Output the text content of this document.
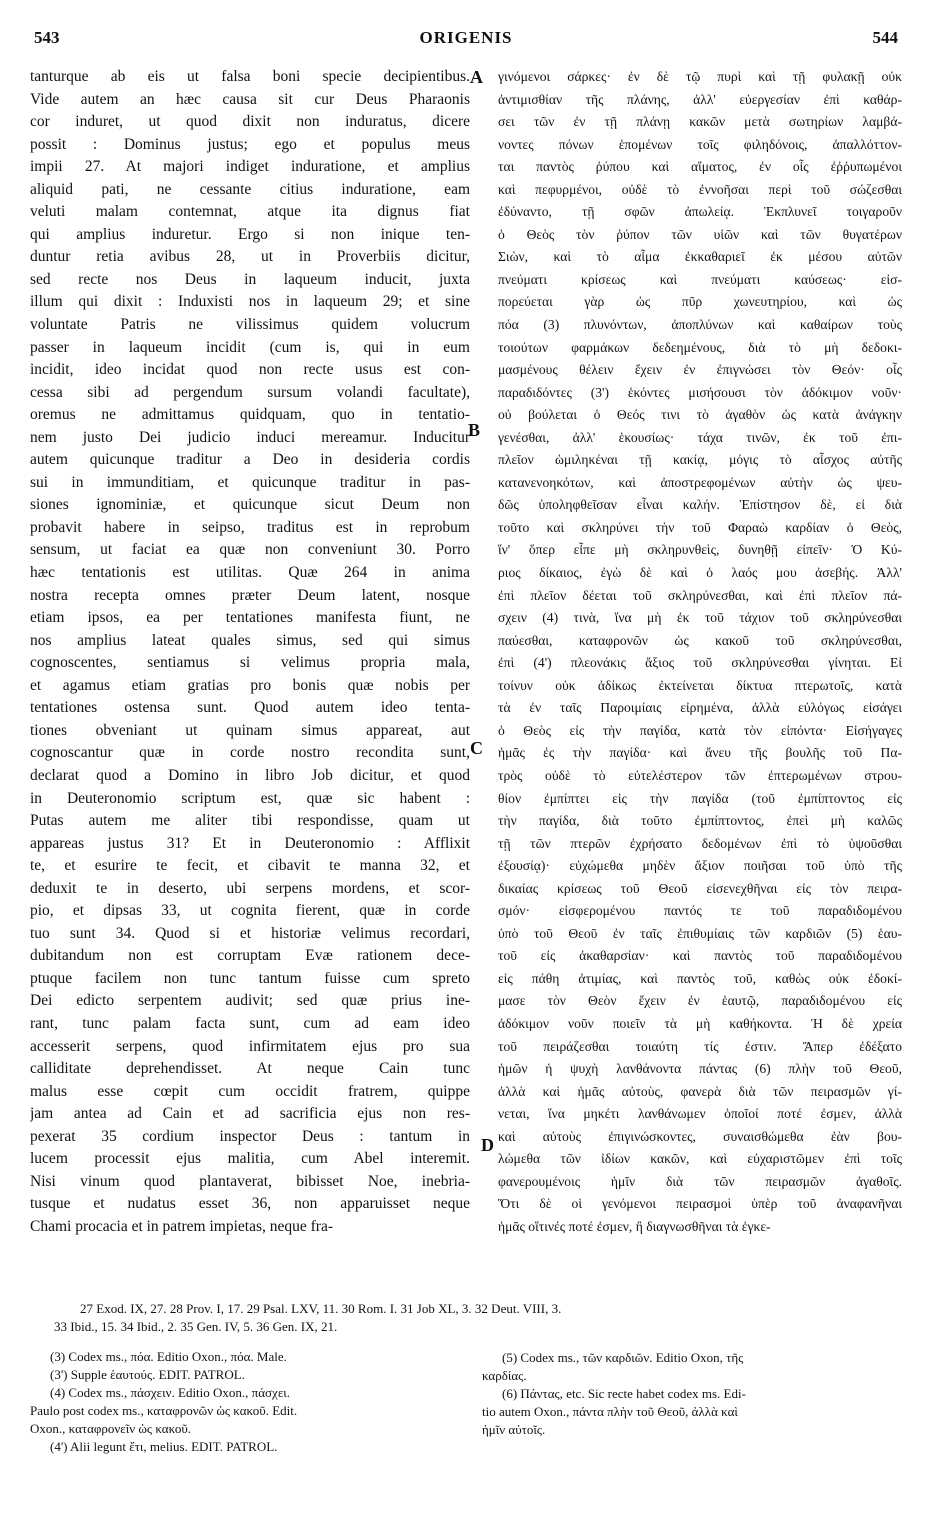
543	ORIGENIS	544
tanturque ab eis ut falsa boni specie decipientibus.
Vide autem an hæc causa sit cur Deus Pharaonis
cor induret, ut quod dixit non induratus, dicere
possit : Dominus justus; ego et populus meus
impii 27. At majori indiget induratione, et amplius
aliquid pati, ne cessante citius induratione, eam
veluti malam contemnat, atque ita dignus fiat
qui amplius induretur. Ergo si non inique ten-
duntur retia avibus 28, ut in Proverbiis dicitur,
sed recte nos Deus in laqueum inducit, juxta
illum qui dixit : Induxisti nos in laqueum 29; et sine
voluntate Patris ne vilissimus quidem volucrum
passer in laqueum incidit (cum is, qui in eum
incidit, ideo incidat quod non recte usus est con-
cessa sibi ad pergendum sursum volandi facultate),
oremus ne admittamus quidquam, quo in tentatio-
nem justo Dei judicio induci mereamur. Inducitur
autem quicunque traditur a Deo in desideria cordis
sui in immunditiam, et quicunque traditur in pas-
siones ignominiæ, et quicunque sicut Deum non
probavit habere in seipso, traditus est in reprobum
sensum, ut faciat ea quæ non conveniunt 30. Porro
hæc tentationis est utilitas. Quæ 264 in anima
nostra recepta omnes præter Deum latent, nosque
etiam ipsos, ea per tentationes manifesta fiunt, ne
nos amplius lateat quales simus, sed qui simus
cognoscentes, sentiamus si velimus propria mala,
et agamus etiam gratias pro bonis quæ nobis per
tentationes ostensa sunt. Quod autem ideo tenta-
tiones obveniant ut quinam simus appareat, aut
cognoscantur quæ in corde nostro recondita sunt,
declarat quod a Domino in libro Job dicitur, et quod
in Deuteronomio scriptum est, quæ sic habent :
Putas autem me aliter tibi respondisse, quam ut
appareas justus 31? Et in Deuteronomio : Afflixit
te, et esurire te fecit, et cibavit te manna 32, et
deduxit te in deserto, ubi serpens mordens, et scor-
pio, et dipsas 33, ut cognita fierent, quæ in corde
tuo sunt 34. Quod si et historiæ velimus recordari,
dubitandum non est corruptam Evæ rationem dece-
ptuque facilem non tunc tantum fuisse cum spreto
Dei edicto serpentem audivit; sed quæ prius ine-
rant, tunc palam facta sunt, cum ad eam ideo
accesserit serpens, quod infirmitatem ejus pro sua
calliditate deprehendisset. At neque Cain tunc
malus esse cœpit cum occidit fratrem, quippe
jam antea ad Cain et ad sacrificia ejus non res-
pexerat 35 cordium inspector Deus : tantum in
lucem processit ejus malitia, cum Abel interemit.
Nisi vinum quod plantaverat, bibisset Noe, inebria-
tusque et nudatus esset 36, non apparuisset neque
Chami procacia et in patrem impietas, neque fra-
γινόμενοι σάρκες· ἐν δὲ τῷ πυρὶ καὶ τῇ φυλακῇ οὐκ
ἀντιμισθίαν τῆς πλάνης, ἀλλ' εὐεργεσίαν ἐπὶ καθάρ-
σει τῶν ἐν τῇ πλάνῃ κακῶν μετὰ σωτηρίων λαμβά-
νοντες πόνων ἑπομένων τοῖς φιληδόνοις, ἀπαλλόττον-
ται παντὸς ῥύπου καὶ αἵματος, ἐν οἷς ἐῤῥυπωμένοι
καὶ πεφυρμένοι, οὐδὲ τὸ ἐννοῆσαι περὶ τοῦ σώζεσθαι
ἐδύναντο, τῇ σφῶν ἀπωλείᾳ. Ἐκπλυνεῖ τοιγαροῦν
ὁ Θεὸς τὸν ῥύπον τῶν υἱῶν καὶ τῶν θυγατέρων
Σιὼν, καὶ τὸ αἷμα ἐκκαθαριεῖ ἐκ μέσου αὐτῶν
πνεύματι κρίσεως καὶ πνεύματι καύσεως· εἰσ-
πορεύεται γὰρ ὡς πῦρ χωνευτηρίου, καὶ ὡς
πόα (3) πλυνόντων, ἀποπλύνων καὶ καθαίρων τοὺς
τοιούτων φαρμάκων δεδεημένους, διὰ τὸ μὴ δεδοκι-
μασμένους θέλειν ἔχειν ἐν ἐπιγνώσει τὸν Θεόν· οἷς
παραδιδόντες (3') ἑκόντες μισήσουσι τὸν ἀδόκιμον νοῦν·
οὐ βούλεται ὁ Θεός τινι τὸ ἀγαθὸν ὡς κατὰ ἀνάγκην
γενέσθαι, ἀλλ' ἑκουσίως· τάχα τινῶν, ἐκ τοῦ ἐπι-
πλεῖον ὡμιληκέναι τῇ κακίᾳ, μόγις τὸ αἶσχος αὐτῆς
κατανενοηκότων, καὶ ἀποστρεφομένων αὐτὴν ὡς ψευ-
δῶς ὑποληφθεῖσαν εἶναι καλήν. Ἐπίστησον δὲ, εἰ διὰ
τοῦτο καὶ σκληρύνει τὴν τοῦ Φαραὼ καρδίαν ὁ Θεὸς,
ἵν' ὅπερ εἶπε μὴ σκληρυνθεὶς, δυνηθῇ εἰπεῖν· Ὁ Κύ-
ριος δίκαιος, ἐγὼ δὲ καὶ ὁ λαός μου ἀσεβής. Ἀλλ'
ἐπὶ πλεῖον δέεται τοῦ σκληρύνεσθαι, καὶ ἐπὶ πλεῖον πά-
σχειν (4) τινὰ, ἵνα μὴ ἐκ τοῦ τάχιον τοῦ σκληρύνεσθαι
παύεσθαι, καταφρονῶν ὡς κακοῦ τοῦ σκληρύνεσθαι,
ἐπὶ (4') πλεονάκις ἄξιος τοῦ σκληρύνεσθαι γίνηται. Εἰ
τοίνυν οὐκ ἀδίκως ἐκτείνεται δίκτυα πτερωτοῖς, κατὰ
τὰ ἐν ταῖς Παροιμίαις εἰρημένα, ἀλλὰ εὐλόγως εἰσάγει
ὁ Θεὸς εἰς τὴν παγίδα, κατὰ τὸν εἰπόντα· Εἰσήγαγες
ἡμᾶς ἐς τὴν παγίδα· καὶ ἄνευ τῆς βουλῆς τοῦ Πα-
τρὸς οὐδὲ τὸ εὐτελέστερον τῶν ἐπτερωμένων στρου-
θίον ἐμπίπτει εἰς τὴν παγίδα (τοῦ ἐμπίπτοντος εἰς
τὴν παγίδα, διὰ τοῦτο ἐμπίπτοντος, ἐπεὶ μὴ καλῶς
τῇ τῶν πτερῶν ἐχρήσατο δεδομένων ἐπὶ τὸ ὑψοῦσθαι
ἐξουσίᾳ)· εὐχώμεθα μηδὲν ἄξιον ποιῆσαι τοῦ ὑπὸ τῆς
δικαίας κρίσεως τοῦ Θεοῦ εἰσενεχθῆναι εἰς τὸν πειρα-
σμόν· εἰσφερομένου παντός τε τοῦ παραδιδομένου
ὑπὸ τοῦ Θεοῦ ἐν ταῖς ἐπιθυμίαις τῶν καρδιῶν (5) ἑαυ-
τοῦ εἰς ἀκαθαρσίαν· καὶ παντὸς τοῦ παραδιδομένου
εἰς πάθη ἀτιμίας, καὶ παντὸς τοῦ, καθὼς οὐκ ἐδοκί-
μασε τὸν Θεὸν ἔχειν ἐν ἑαυτῷ, παραδιδομένου εἰς
ἀδόκιμον νοῦν ποιεῖν τὰ μὴ καθήκοντα. Ἡ δὲ χρεία
τοῦ πειράζεσθαι τοιαύτη τίς ἐστιν. Ἅπερ ἐδέξατο
ἡμῶν ἡ ψυχὴ λανθάνοντα πάντας (6) πλὴν τοῦ Θεοῦ,
ἀλλὰ καὶ ἡμᾶς αὐτοὺς, φανερὰ διὰ τῶν πειρασμῶν γί-
νεται, ἵνα μηκέτι λανθάνωμεν ὁποῖοί ποτέ ἐσμεν, ἀλλὰ
καὶ αὐτοὺς ἐπιγινώσκοντες, συναισθώμεθα ἐὰν βου-
λώμεθα τῶν ἰδίων κακῶν, καὶ εὐχαριστῶμεν ἐπὶ τοῖς
φανερουμένοις ἡμῖν διὰ τῶν πειρασμῶν ἀγαθοῖς.
Ὅτι δὲ οἱ γενόμενοι πειρασμοὶ ὑπὲρ τοῦ ἀναφανῆναι
ἡμᾶς οἵτινές ποτέ ἐσμεν, ἢ διαγνωσθῆναι τὰ ἐγκε-
A
B
C
D
27 Exod. IX, 27. 28 Prov. I, 17. 29 Psal. LXV, 11. 30 Rom. I. 31 Job XL, 3. 32 Deut. VIII, 3.
33 Ibid., 15. 34 Ibid., 2. 35 Gen. IV, 5. 36 Gen. IX, 21.
(3) Codex ms., πόα. Editio Oxon., πόα. Male.
(3') Supple ἑαυτούς. EDIT. PATROL.
(4) Codex ms., πάσχειν. Editio Oxon., πάσχει.
Paulo post codex ms., καταφρονῶν ὡς κακοῦ. Edit.
Oxon., καταφρονεῖν ὡς κακοῦ.
(4') Alii legunt ἔτι, melius. EDIT. PATROL.
(5) Codex ms., τῶν καρδιῶν. Editio Oxon, τῆς
καρδίας.
(6) Πάντας, etc. Sic recte habet codex ms. Edi-
tio autem Oxon., πάντα πλὴν τοῦ Θεοῦ, ἀλλὰ καὶ
ἡμῖν αὐτοῖς.
